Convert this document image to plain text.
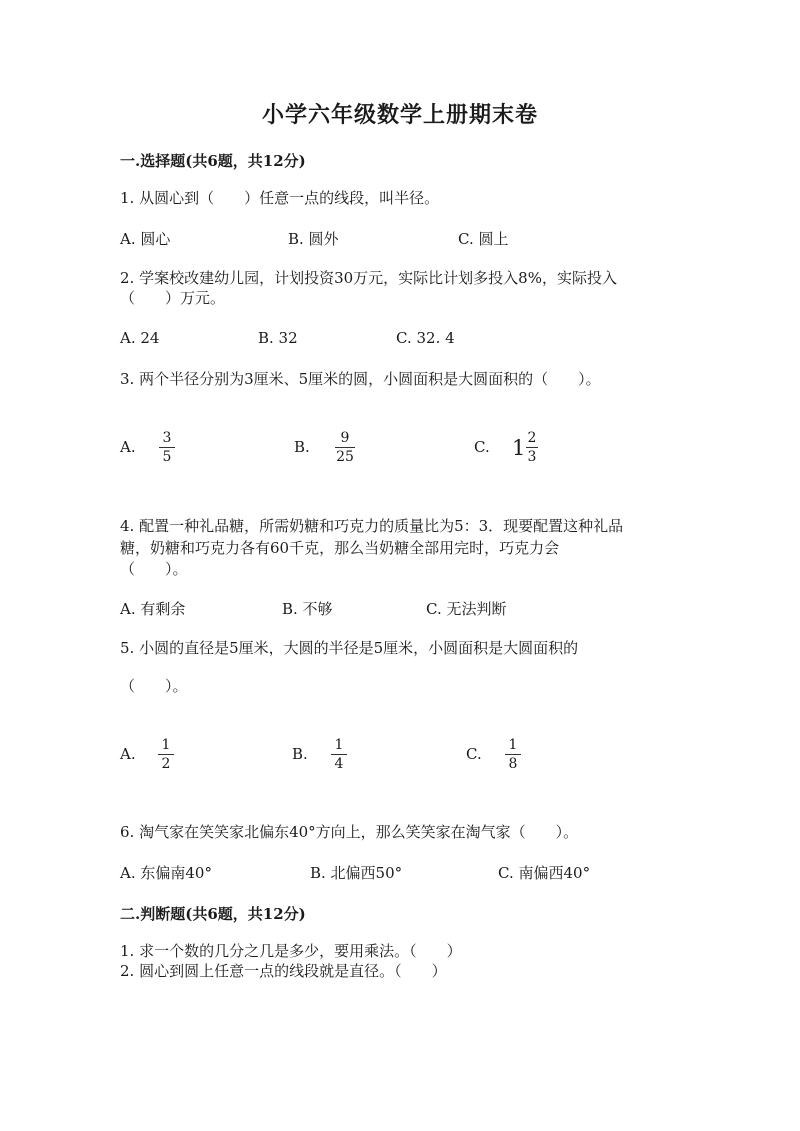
小学六年级数学上册期末卷
一.选择题(共6题，共12分)
1. 从圆心到（　　）任意一点的线段，叫半径。
A. 圆心	B. 圆外	C. 圆上
2. 学案校改建幼儿园，计划投资30万元，实际比计划多投入8%，实际投入
（　　）万元。
A. 24	B. 32	C. 32. 4
3. 两个半径分别为3厘米、5厘米的圆，小圆面积是大圆面积的（　　）。
A.	3
5
B.	9
25
C. 1 2
3
4. 配置一种礼品糖，所需奶糖和巧克力的质量比为5：3．现要配置这种礼品
糖，奶糖和巧克力各有60千克，那么当奶糖全部用完时，巧克力会
（　　）。
A. 有剩余	B. 不够	C. 无法判断
5. 小圆的直径是5厘米，大圆的半径是5厘米，小圆面积是大圆面积的
（　　）。
A.	1
2
B.	1
4
C.	1
8
6. 淘气家在笑笑家北偏东40°方向上，那么笑笑家在淘气家（　　）。
A. 东偏南40°	B. 北偏西50°	C. 南偏西40°
二.判断题(共6题，共12分)
1. 求一个数的几分之几是多少，要用乘法。（　　）
2. 圆心到圆上任意一点的线段就是直径。（　　）
